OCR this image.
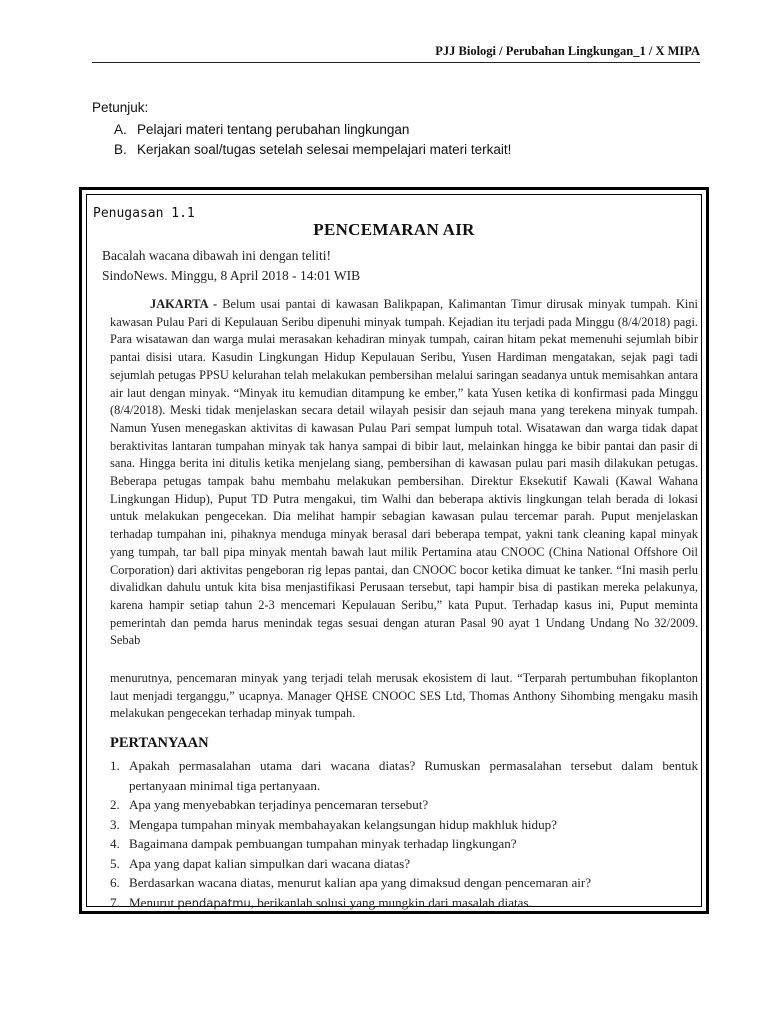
PJJ Biologi / Perubahan Lingkungan_1 / X MIPA
Petunjuk:
A. Pelajari materi tentang perubahan lingkungan
B. Kerjakan soal/tugas setelah selesai mempelajari materi terkait!
Penugasan 1.1
PENCEMARAN AIR
Bacalah wacana dibawah ini dengan teliti!
SindoNews. Minggu, 8 April 2018 - 14:01 WIB

JAKARTA - Belum usai pantai di kawasan Balikpapan, Kalimantan Timur dirusak minyak tumpah. Kini kawasan Pulau Pari di Kepulauan Seribu dipenuhi minyak tumpah. Kejadian itu terjadi pada Minggu (8/4/2018) pagi. Para wisatawan dan warga mulai merasakan kehadiran minyak tumpah, cairan hitam pekat memenuhi sejumlah bibir pantai disisi utara. Kasudin Lingkungan Hidup Kepulauan Seribu, Yusen Hardiman mengatakan, sejak pagi tadi sejumlah petugas PPSU kelurahan telah melakukan pembersihan melalui saringan seadanya untuk memisahkan antara air laut dengan minyak. “Minyak itu kemudian ditampung ke ember,” kata Yusen ketika di konfirmasi pada Minggu (8/4/2018). Meski tidak menjelaskan secara detail wilayah pesisir dan sejauh mana yang terekena minyak tumpah. Namun Yusen menegaskan aktivitas di kawasan Pulau Pari sempat lumpuh total. Wisatawan dan warga tidak dapat beraktivitas lantaran tumpahan minyak tak hanya sampai di bibir laut, melainkan hingga ke bibir pantai dan pasir di sana. Hingga berita ini ditulis ketika menjelang siang, pembersihan di kawasan pulau pari masih dilakukan petugas. Beberapa petugas tampak bahu membahu melakukan pembersihan. Direktur Eksekutif Kawali (Kawal Wahana Lingkungan Hidup), Puput TD Putra mengakui, tim Walhi dan beberapa aktivis lingkungan telah berada di lokasi untuk melakukan pengecekan. Dia melihat hampir sebagian kawasan pulau tercemar parah. Puput menjelaskan terhadap tumpahan ini, pihaknya menduga minyak berasal dari beberapa tempat, yakni tank cleaning kapal minyak yang tumpah, tar ball pipa minyak mentah bawah laut milik Pertamina atau CNOOC (China National Offshore Oil Corporation) dari aktivitas pengeboran rig lepas pantai, dan CNOOC bocor ketika dimuat ke tanker. “Ini masih perlu divalidkan dahulu untuk kita bisa menjastifikasi Perusaan tersebut, tapi hampir bisa di pastikan mereka pelakunya, karena hampir setiap tahun 2-3 mencemari Kepulauan Seribu,” kata Puput. Terhadap kasus ini, Puput meminta pemerintah dan pemda harus menindak tegas sesuai dengan aturan Pasal 90 ayat 1 Undang Undang No 32/2009. Sebab

menurutnya, pencemaran minyak yang terjadi telah merusak ekosistem di laut. “Terparah pertumbuhan fikoplanton laut menjadi terganggu,” ucapnya. Manager QHSE CNOOC SES Ltd, Thomas Anthony Sihombing mengaku masih melakukan pengecekan terhadap minyak tumpah.

PERTANYAAN
1. Apakah permasalahan utama dari wacana diatas? Rumuskan permasalahan tersebut dalam bentuk pertanyaan minimal tiga pertanyaan.
2. Apa yang menyebabkan terjadinya pencemaran tersebut?
3. Mengapa tumpahan minyak membahayakan kelangsungan hidup makhluk hidup?
4. Bagaimana dampak pembuangan tumpahan minyak terhadap lingkungan?
5. Apa yang dapat kalian simpulkan dari wacana diatas?
6. Berdasarkan wacana diatas, menurut kalian apa yang dimaksud dengan pencemaran air?
7. Menurut pendapatmu, berikanlah solusi yang mungkin dari masalah diatas.
